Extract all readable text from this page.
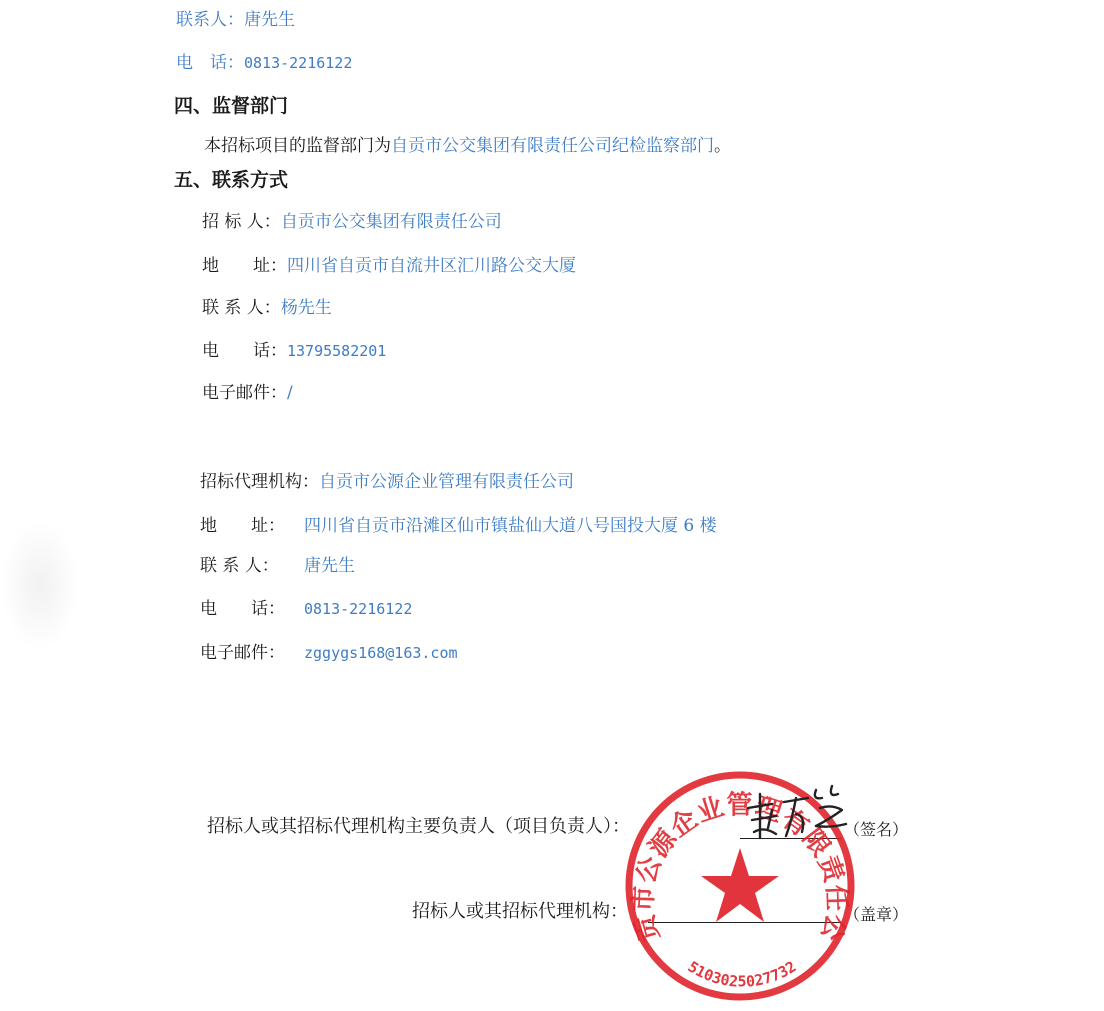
联系人：唐先生
电　话：0813-2216122
四、监督部门
本招标项目的监督部门为自贡市公交集团有限责任公司纪检监察部门。
五、联系方式
招 标 人：自贡市公交集团有限责任公司
地　　址：四川省自贡市自流井区汇川路公交大厦
联 系 人：杨先生
电　　话：13795582201
电子邮件：/
招标代理机构：自贡市公源企业管理有限责任公司
地　　址： 四川省自贡市沿滩区仙市镇盐仙大道八号国投大厦 6 楼
联 系 人： 唐先生
电　　话： 0813-2216122
电子邮件： zggygs168@163.com
招标人或其招标代理机构主要负责人（项目负责人）：	（签名）
招标人或其招标代理机构：	（盖章）
自贡市公源企业管理有限责任公司
5103025027732
